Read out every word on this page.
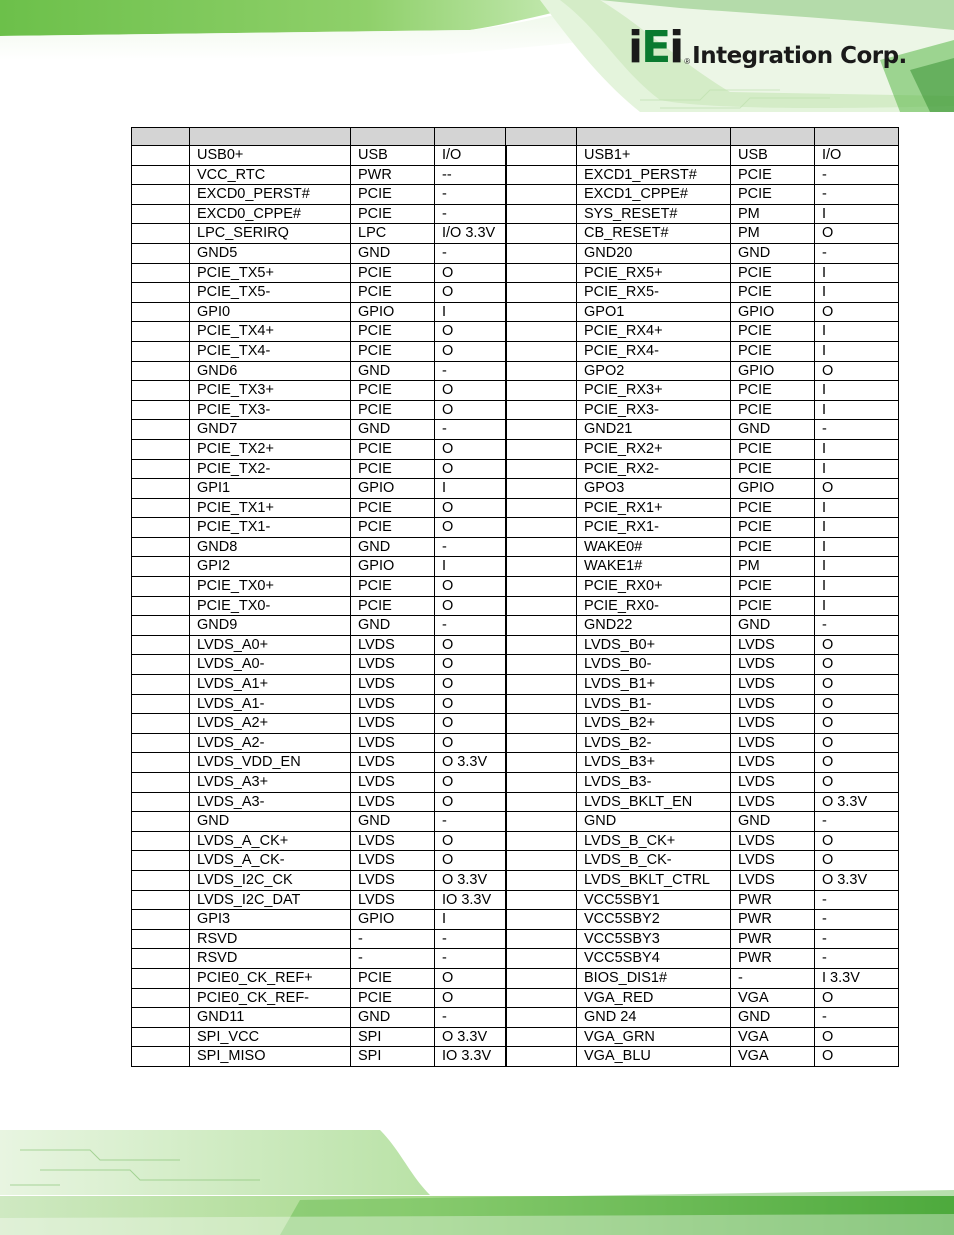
iEi ® Integration Corp.

	USB0+	USB	I/O		USB1+	USB	I/O
	VCC_RTC	PWR	--		EXCD1_PERST#	PCIE	-
	EXCD0_PERST#	PCIE	-		EXCD1_CPPE#	PCIE	-
	EXCD0_CPPE#	PCIE	-		SYS_RESET#	PM	I
	LPC_SERIRQ	LPC	I/O 3.3V		CB_RESET#	PM	O
	GND5	GND	-		GND20	GND	-
	PCIE_TX5+	PCIE	O		PCIE_RX5+	PCIE	I
	PCIE_TX5-	PCIE	O		PCIE_RX5-	PCIE	I
	GPI0	GPIO	I		GPO1	GPIO	O
	PCIE_TX4+	PCIE	O		PCIE_RX4+	PCIE	I
	PCIE_TX4-	PCIE	O		PCIE_RX4-	PCIE	I
	GND6	GND	-		GPO2	GPIO	O
	PCIE_TX3+	PCIE	O		PCIE_RX3+	PCIE	I
	PCIE_TX3-	PCIE	O		PCIE_RX3-	PCIE	I
	GND7	GND	-		GND21	GND	-
	PCIE_TX2+	PCIE	O		PCIE_RX2+	PCIE	I
	PCIE_TX2-	PCIE	O		PCIE_RX2-	PCIE	I
	GPI1	GPIO	I		GPO3	GPIO	O
	PCIE_TX1+	PCIE	O		PCIE_RX1+	PCIE	I
	PCIE_TX1-	PCIE	O		PCIE_RX1-	PCIE	I
	GND8	GND	-		WAKE0#	PCIE	I
	GPI2	GPIO	I		WAKE1#	PM	I
	PCIE_TX0+	PCIE	O		PCIE_RX0+	PCIE	I
	PCIE_TX0-	PCIE	O		PCIE_RX0-	PCIE	I
	GND9	GND	-		GND22	GND	-
	LVDS_A0+	LVDS	O		LVDS_B0+	LVDS	O
	LVDS_A0-	LVDS	O		LVDS_B0-	LVDS	O
	LVDS_A1+	LVDS	O		LVDS_B1+	LVDS	O
	LVDS_A1-	LVDS	O		LVDS_B1-	LVDS	O
	LVDS_A2+	LVDS	O		LVDS_B2+	LVDS	O
	LVDS_A2-	LVDS	O		LVDS_B2-	LVDS	O
	LVDS_VDD_EN	LVDS	O 3.3V		LVDS_B3+	LVDS	O
	LVDS_A3+	LVDS	O		LVDS_B3-	LVDS	O
	LVDS_A3-	LVDS	O		LVDS_BKLT_EN	LVDS	O 3.3V
	GND	GND	-		GND	GND	-
	LVDS_A_CK+	LVDS	O		LVDS_B_CK+	LVDS	O
	LVDS_A_CK-	LVDS	O		LVDS_B_CK-	LVDS	O
	LVDS_I2C_CK	LVDS	O 3.3V		LVDS_BKLT_CTRL	LVDS	O 3.3V
	LVDS_I2C_DAT	LVDS	IO 3.3V		VCC5SBY1	PWR	-
	GPI3	GPIO	I		VCC5SBY2	PWR	-
	RSVD	-	-		VCC5SBY3	PWR	-
	RSVD	-	-		VCC5SBY4	PWR	-
	PCIE0_CK_REF+	PCIE	O		BIOS_DIS1#	-	I 3.3V
	PCIE0_CK_REF-	PCIE	O		VGA_RED	VGA	O
	GND11	GND	-		GND 24	GND	-
	SPI_VCC	SPI	O 3.3V		VGA_GRN	VGA	O
	SPI_MISO	SPI	IO 3.3V		VGA_BLU	VGA	O
